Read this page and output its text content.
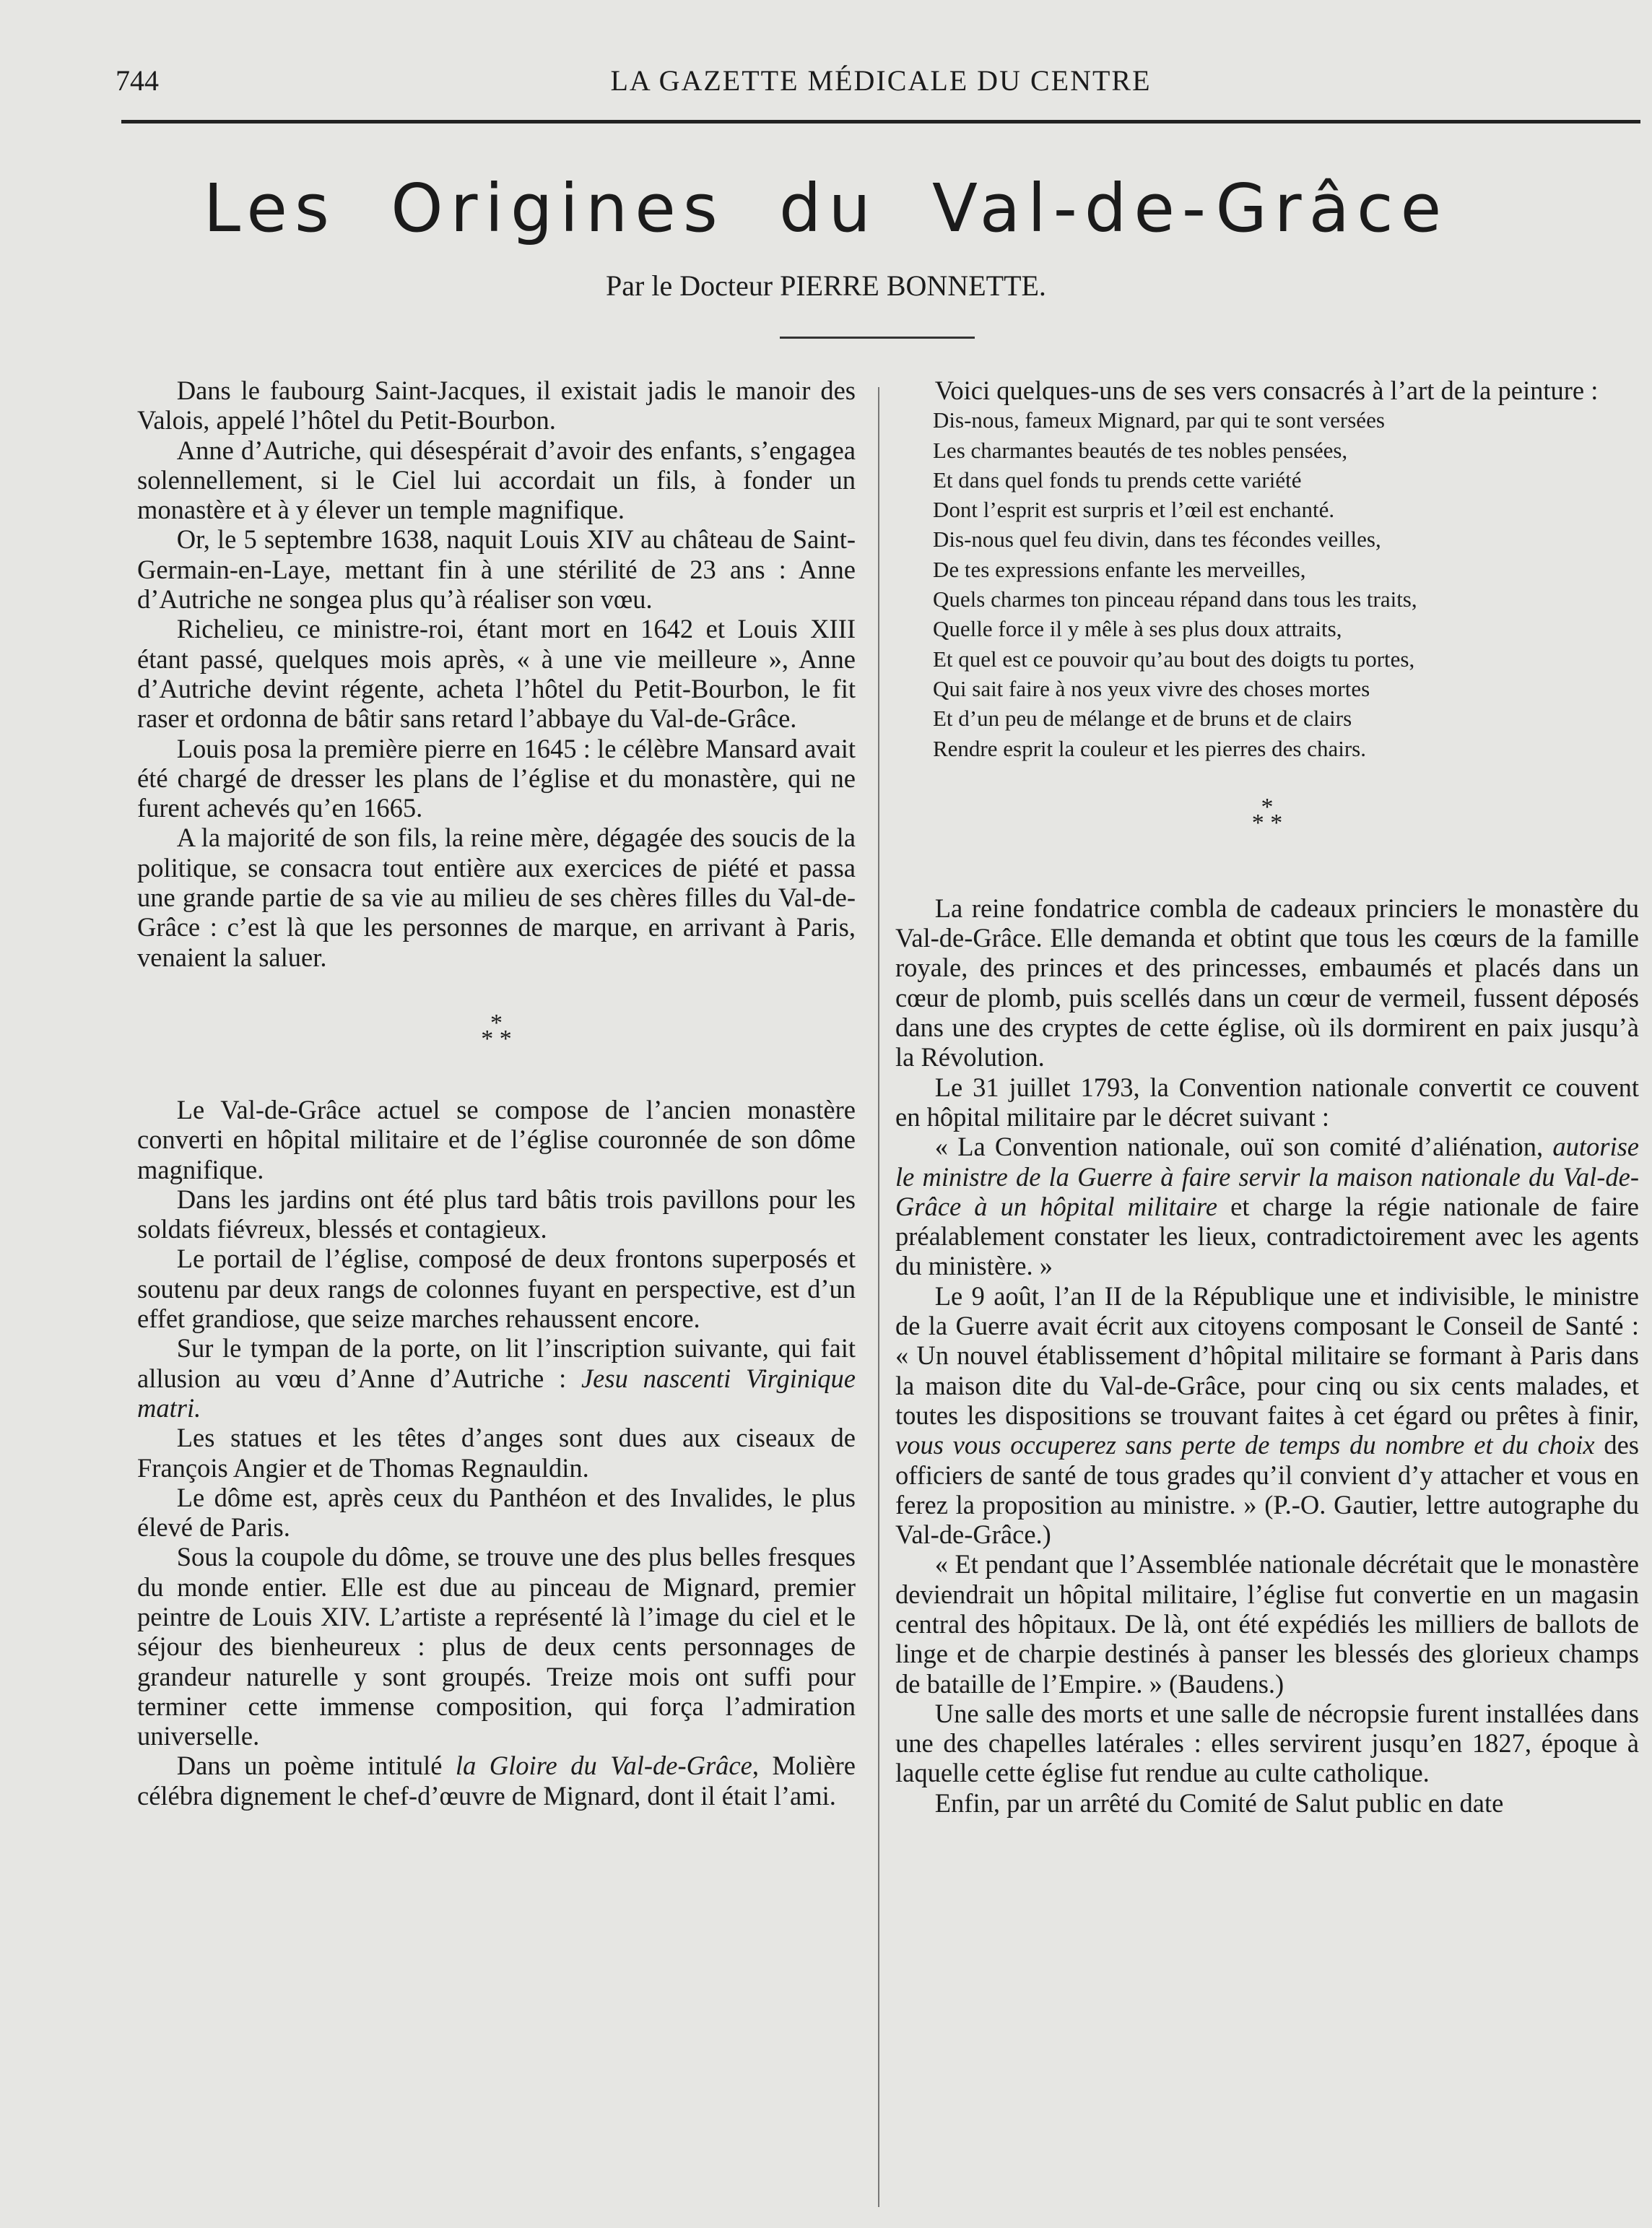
744	LA GAZETTE MÉDICALE DU CENTRE
Les Origines du Val-de-Grâce
Par le Docteur PIERRE BONNETTE.

Dans le faubourg Saint-Jacques, il existait jadis le manoir des Valois, appelé l’hôtel du Petit-Bourbon.

Anne d’Autriche, qui désespérait d’avoir des enfants, s’engagea solennellement, si le Ciel lui accordait un fils, à fonder un monastère et à y élever un temple magnifique.

Or, le 5 septembre 1638, naquit Louis XIV au château de Saint-Germain-en-Laye, mettant fin à une stérilité de 23 ans : Anne d’Autriche ne songea plus qu’à réaliser son vœu.

Richelieu, ce ministre-roi, étant mort en 1642 et Louis XIII étant passé, quelques mois après, « à une vie meilleure », Anne d’Autriche devint régente, acheta l’hôtel du Petit-Bourbon, le fit raser et ordonna de bâtir sans retard l’abbaye du Val-de-Grâce.

Louis posa la première pierre en 1645 : le célèbre Mansard avait été chargé de dresser les plans de l’église et du monastère, qui ne furent achevés qu’en 1665.

A la majorité de son fils, la reine mère, dégagée des soucis de la politique, se consacra tout entière aux exercices de piété et passa une grande partie de sa vie au milieu de ses chères filles du Val-de-Grâce : c’est là que les personnes de marque, en arrivant à Paris, venaient la saluer.

*
* *

Le Val-de-Grâce actuel se compose de l’ancien monastère converti en hôpital militaire et de l’église couronnée de son dôme magnifique.

Dans les jardins ont été plus tard bâtis trois pavillons pour les soldats fiévreux, blessés et contagieux.

Le portail de l’église, composé de deux frontons superposés et soutenu par deux rangs de colonnes fuyant en perspective, est d’un effet grandiose, que seize marches rehaussent encore.

Sur le tympan de la porte, on lit l’inscription suivante, qui fait allusion au vœu d’Anne d’Autriche : Jesu nascenti Virginique matri.

Les statues et les têtes d’anges sont dues aux ciseaux de François Angier et de Thomas Regnauldin.

Le dôme est, après ceux du Panthéon et des Invalides, le plus élevé de Paris.

Sous la coupole du dôme, se trouve une des plus belles fresques du monde entier. Elle est due au pinceau de Mignard, premier peintre de Louis XIV. L’artiste a représenté là l’image du ciel et le séjour des bienheureux : plus de deux cents personnages de grandeur naturelle y sont groupés. Treize mois ont suffi pour terminer cette immense composition, qui força l’admiration universelle.

Dans un poème intitulé la Gloire du Val-de-Grâce, Molière célébra dignement le chef-d’œuvre de Mignard, dont il était l’ami.

Voici quelques-uns de ses vers consacrés à l’art de la peinture :

Dis-nous, fameux Mignard, par qui te sont versées
Les charmantes beautés de tes nobles pensées,
Et dans quel fonds tu prends cette variété
Dont l’esprit est surpris et l’œil est enchanté.
Dis-nous quel feu divin, dans tes fécondes veilles,
De tes expressions enfante les merveilles,
Quels charmes ton pinceau répand dans tous les traits,
Quelle force il y mêle à ses plus doux attraits,
Et quel est ce pouvoir qu’au bout des doigts tu portes,
Qui sait faire à nos yeux vivre des choses mortes
Et d’un peu de mélange et de bruns et de clairs
Rendre esprit la couleur et les pierres des chairs.
*
* *

La reine fondatrice combla de cadeaux princiers le monastère du Val-de-Grâce. Elle demanda et obtint que tous les cœurs de la famille royale, des princes et des princesses, embaumés et placés dans un cœur de plomb, puis scellés dans un cœur de vermeil, fussent déposés dans une des cryptes de cette église, où ils dormirent en paix jusqu’à la Révolution.

Le 31 juillet 1793, la Convention nationale convertit ce couvent en hôpital militaire par le décret suivant :

« La Convention nationale, ouï son comité d’aliénation, autorise le ministre de la Guerre à faire servir la maison nationale du Val-de-Grâce à un hôpital militaire et charge la régie nationale de faire préalablement constater les lieux, contradictoirement avec les agents du ministère. »

Le 9 août, l’an II de la République une et indivisible, le ministre de la Guerre avait écrit aux citoyens composant le Conseil de Santé : « Un nouvel établissement d’hôpital militaire se formant à Paris dans la maison dite du Val-de-Grâce, pour cinq ou six cents malades, et toutes les dispositions se trouvant faites à cet égard ou prêtes à finir, vous vous occuperez sans perte de temps du nombre et du choix des officiers de santé de tous grades qu’il convient d’y attacher et vous en ferez la proposition au ministre. » (P.-O. Gautier, lettre autographe du Val-de-Grâce.)

« Et pendant que l’Assemblée nationale décrétait que le monastère deviendrait un hôpital militaire, l’église fut convertie en un magasin central des hôpitaux. De là, ont été expédiés les milliers de ballots de linge et de charpie destinés à panser les blessés des glorieux champs de bataille de l’Empire. » (Baudens.)

Une salle des morts et une salle de nécropsie furent installées dans une des chapelles latérales : elles servirent jusqu’en 1827, époque à laquelle cette église fut rendue au culte catholique.

Enfin, par un arrêté du Comité de Salut public en date
